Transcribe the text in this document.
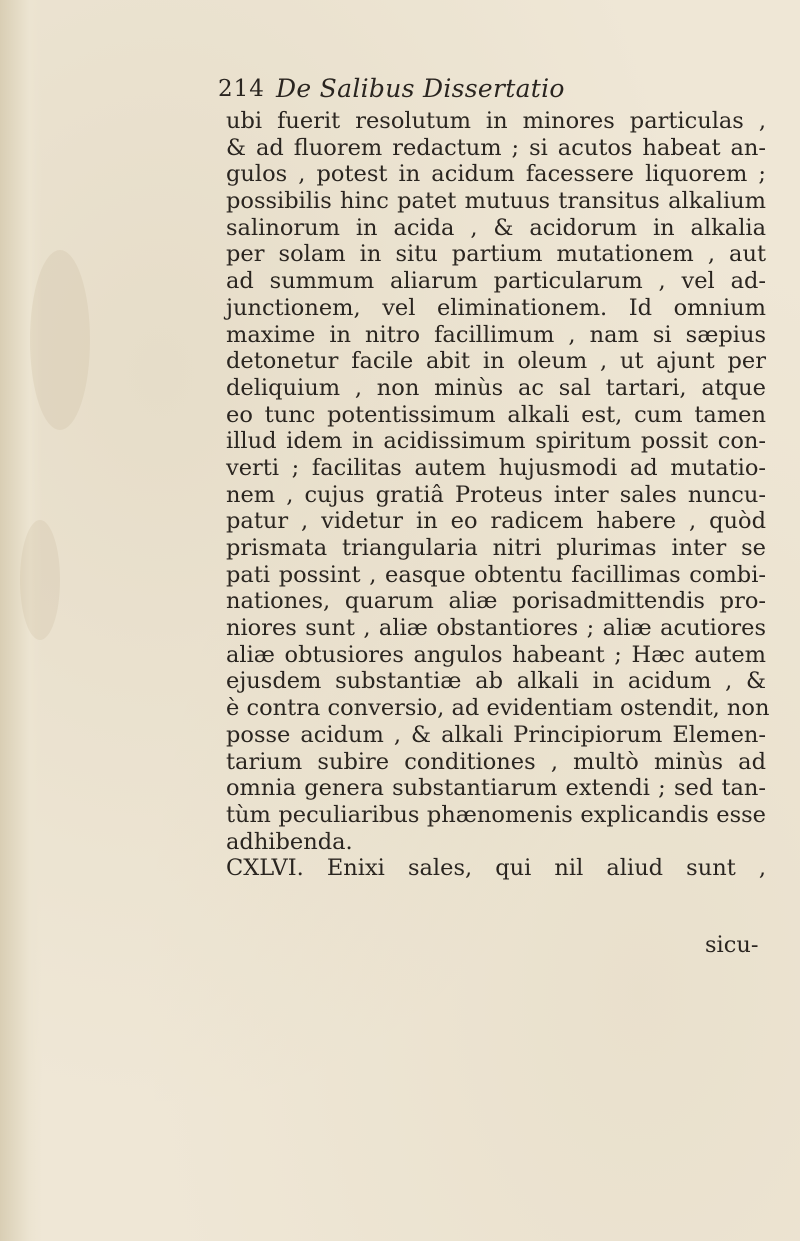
214 De Salibus Dissertatio
ubi fuerit resolutum in minores particulas ,
& ad fluorem redactum ; si acutos habeat an-
gulos , potest in acidum facessere liquorem ;
possibilis hinc patet mutuus transitus alkalium
salinorum in acida , & acidorum in alkalia
per solam in situ partium mutationem , aut
ad summum aliarum particularum , vel ad-
junctionem, vel eliminationem. Id omnium
maxime in nitro facillimum , nam si sæpius
detonetur facile abit in oleum , ut ajunt per
deliquium , non minùs ac sal tartari, atque
eo tunc potentissimum alkali est, cum tamen
illud idem in acidissimum spiritum possit con-
verti ; facilitas autem hujusmodi ad mutatio-
nem , cujus gratiâ Proteus inter sales nuncu-
patur , videtur in eo radicem habere , quòd
prismata triangularia nitri plurimas inter se
pati possint , easque obtentu facillimas combi-
nationes, quarum aliæ porisadmittendis pro-
niores sunt , aliæ obstantiores ; aliæ acutiores
aliæ obtusiores angulos habeant ; Hæc autem
ejusdem substantiæ ab alkali in acidum , &
è contra conversio, ad evidentiam ostendit, non
posse acidum , & alkali Principiorum Elemen-
tarium subire conditiones , multò minùs ad
omnia genera substantiarum extendi ; sed tan-
tùm peculiaribus phænomenis explicandis esse
adhibenda.
CXLVI. Enixi sales, qui nil aliud sunt ,
sicu-
